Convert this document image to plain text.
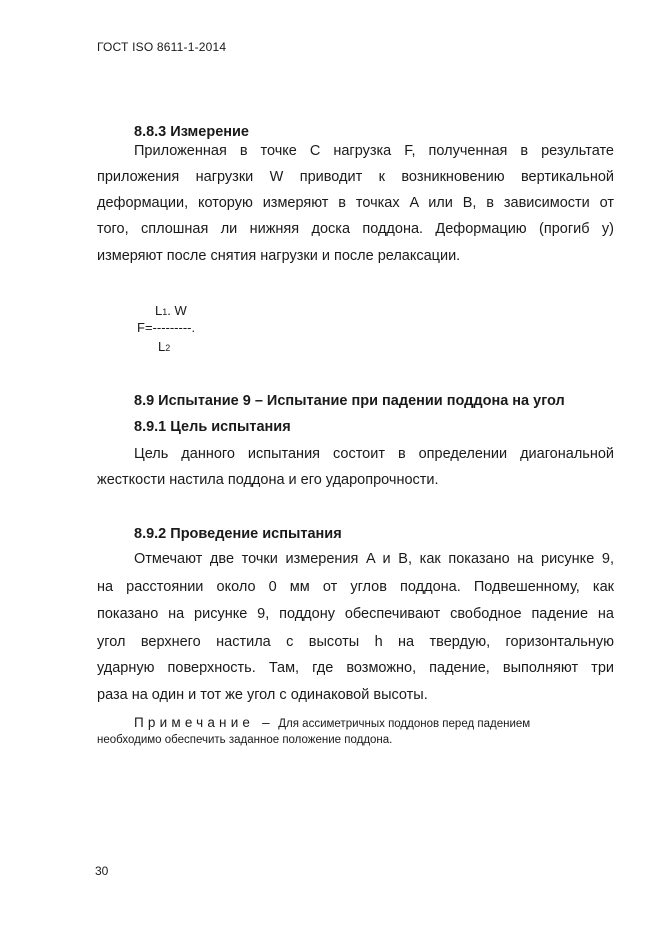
ГОСТ ISO 8611-1-2014
8.8.3 Измерение
Приложенная в точке C нагрузка F, полученная в результате
приложения нагрузки W приводит к возникновению вертикальной
деформации, которую измеряют в точках A или B, в зависимости от
того, сплошная ли нижняя доска поддона. Деформацию (прогиб y)
измеряют после снятия нагрузки и после релаксации.
L1. W
F=---------.
L2
8.9 Испытание 9 – Испытание при падении поддона на угол
8.9.1 Цель испытания
Цель данного испытания состоит в определении диагональной
жесткости настила поддона и его ударопрочности.
8.9.2 Проведение испытания
Отмечают две точки измерения A и B, как показано на рисунке 9,
на расстоянии около 0 мм от углов поддона. Подвешенному, как
показано на рисунке 9, поддону обеспечивают свободное падение на
угол верхнего настила с высоты h на твердую, горизонтальную
ударную поверхность. Там, где возможно, падение, выполняют три
раза на один и тот же угол с одинаковой высоты.
Примечание – Для ассиметричных поддонов перед падением
необходимо обеспечить заданное положение поддона.
30
